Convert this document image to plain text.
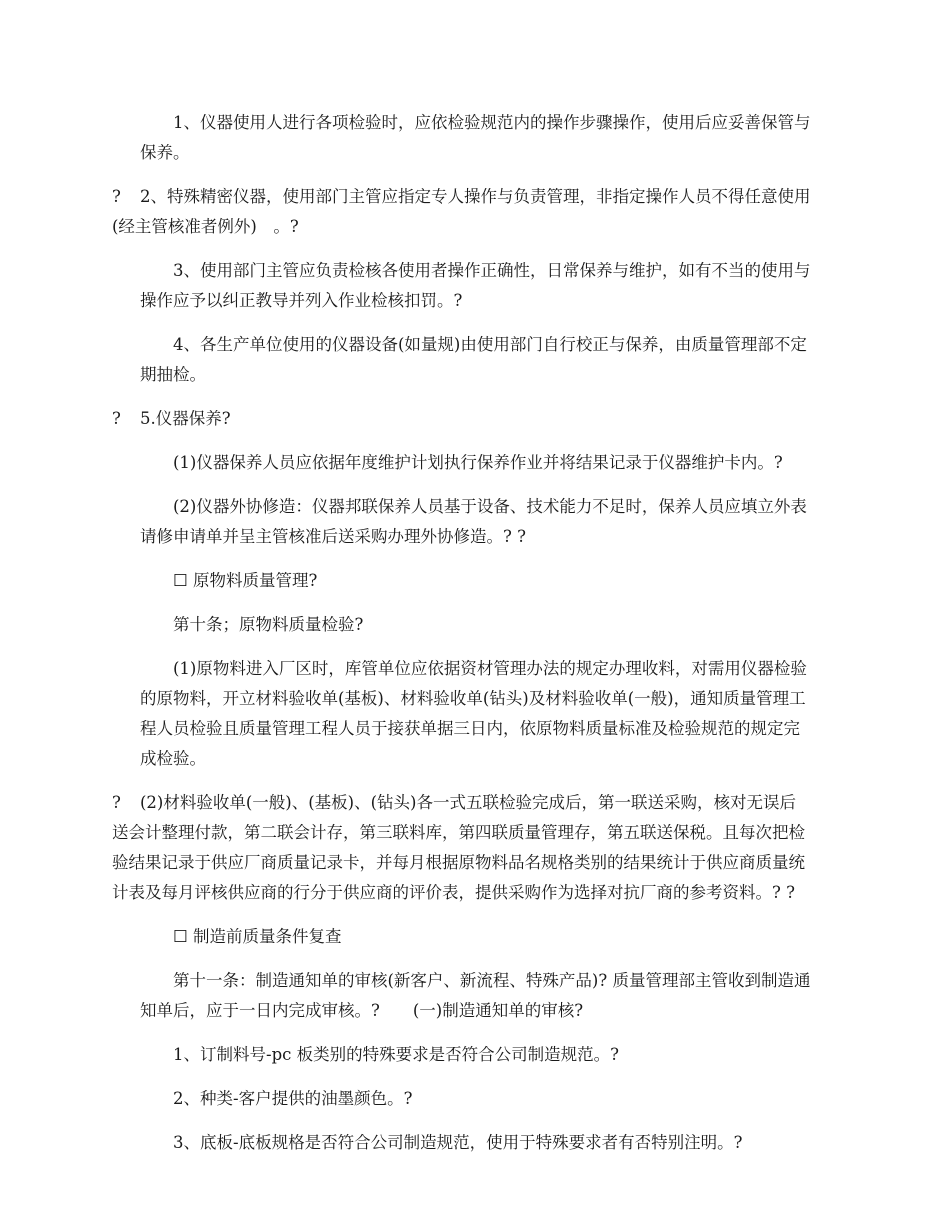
1、仪器使用人进行各项检验时，应依检验规范内的操作步骤操作，使用后应妥善保管与保养。

? 2、特殊精密仪器，使用部门主管应指定专人操作与负责管理，非指定操作人员不得任意使用(经主管核准者例外)　。?

3、使用部门主管应负责检核各使用者操作正确性，日常保养与维护，如有不当的使用与操作应予以纠正教导并列入作业检核扣罚。?

4、各生产单位使用的仪器设备(如量规)由使用部门自行校正与保养，由质量管理部不定期抽检。

? 5.仪器保养?

(1)仪器保养人员应依据年度维护计划执行保养作业并将结果记录于仪器维护卡内。?

(2)仪器外协修造：仪器邦联保养人员基于设备、技术能力不足时，保养人员应填立外表请修申请单并呈主管核准后送采购办理外协修造。? ?

☐ 原物料质量管理?

第十条；原物料质量检验?

(1)原物料进入厂区时，库管单位应依据资材管理办法的规定办理收料，对需用仪器检验的原物料，开立材料验收单(基板)、材料验收单(钻头)及材料验收单(一般)，通知质量管理工程人员检验且质量管理工程人员于接获单据三日内，依原物料质量标准及检验规范的规定完成检验。

? (2)材料验收单(一般)、(基板)、(钻头)各一式五联检验完成后，第一联送采购，核对无误后送会计整理付款，第二联会计存，第三联料库，第四联质量管理存，第五联送保税。且每次把检验结果记录于供应厂商质量记录卡，并每月根据原物料品名规格类别的结果统计于供应商质量统计表及每月评核供应商的行分于供应商的评价表，提供采购作为选择对抗厂商的参考资料。? ?

☐ 制造前质量条件复查

第十一条：制造通知单的审核(新客户、新流程、特殊产品)? 质量管理部主管收到制造通知单后，应于一日内完成审核。?　　(一)制造通知单的审核?

1、订制料号-pc 板类别的特殊要求是否符合公司制造规范。?

2、种类-客户提供的油墨颜色。?

3、底板-底板规格是否符合公司制造规范，使用于特殊要求者有否特别注明。?
